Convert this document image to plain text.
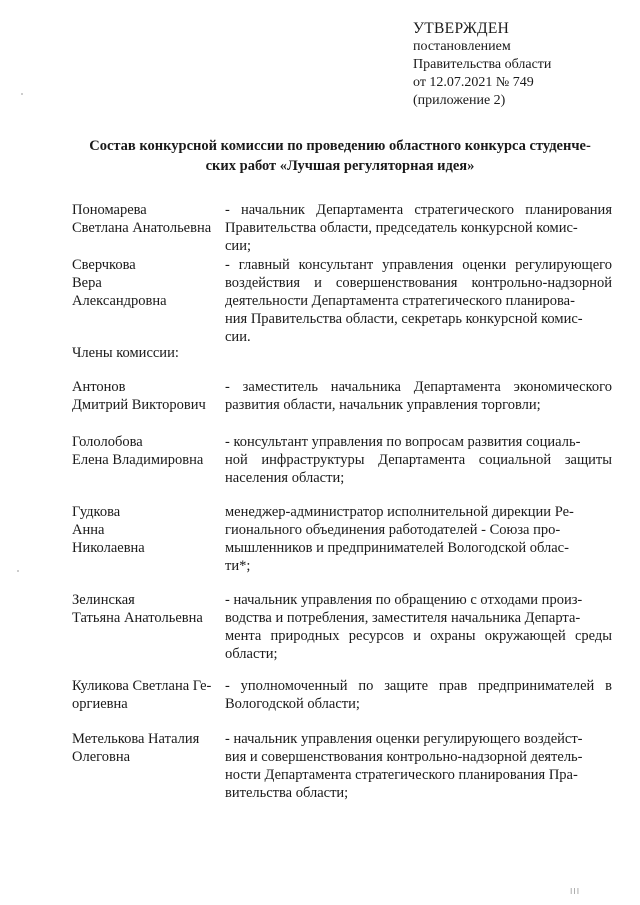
УТВЕРЖДЕН
постановлением
Правительства области
от 12.07.2021 № 749
(приложение 2)
Состав конкурсной комиссии по проведению областного конкурса студенче-
ских работ «Лучшая регуляторная идея»
Пономарева
Светлана Анатольевна
- начальник Департамента стратегического планирования Правительства области, председатель конкурсной комис-
сии;
Сверчкова
Вера
Александровна
- главный консультант управления оценки регулирующего воздействия и совершенствования контрольно-надзорной деятельности Департамента стратегического планирова-
ния Правительства области, секретарь конкурсной комис-
сии.
Члены комиссии:
Антонов
Дмитрий Викторович
- заместитель начальника Департамента экономического развития области, начальник управления торговли;
Гололобова
Елена Владимировна
- консультант управления по вопросам развития социаль-
ной инфраструктуры Департамента социальной защиты населения области;
Гудкова
Анна
Николаевна
менеджер-администратор исполнительной дирекции Ре-
гионального объединения работодателей - Союза про-
мышленников и предпринимателей Вологодской облас-
ти*;
Зелинская
Татьяна Анатольевна
- начальник управления по обращению с отходами произ-
водства и потребления, заместителя начальника Департа-
мента природных ресурсов и охраны окружающей среды области;
Куликова Светлана Ге-
оргиевна
- уполномоченный по защите прав предпринимателей в Вологодской области;
Метелькова Наталия
Олеговна
- начальник управления оценки регулирующего воздейст-
вия и совершенствования контрольно-надзорной деятель-
ности Департамента стратегического планирования Пра-
вительства области;
III
